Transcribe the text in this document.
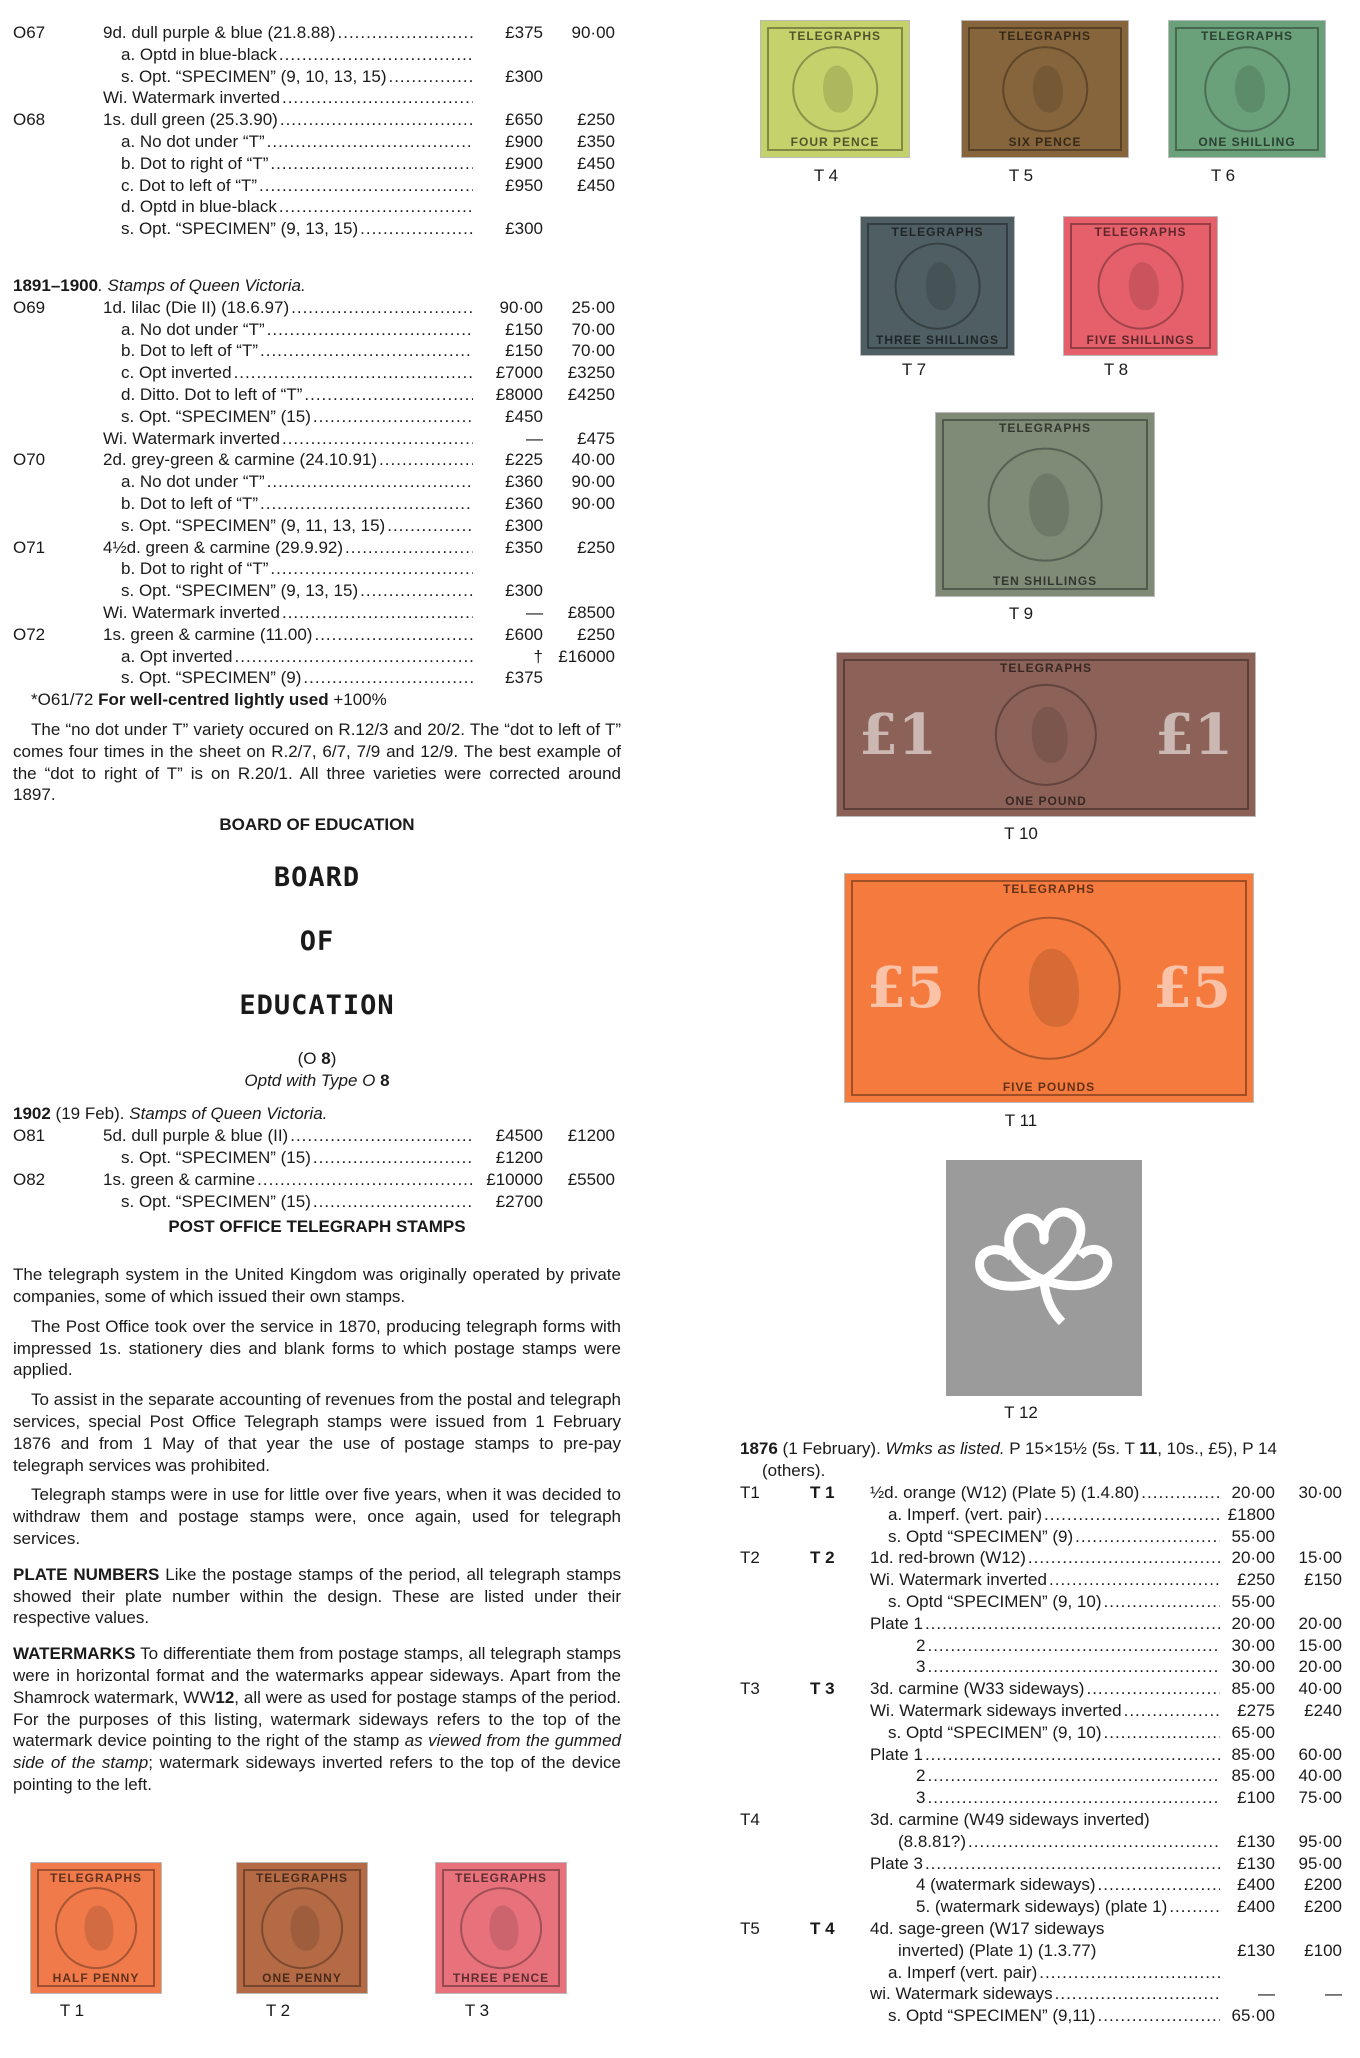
O67	9d. dull purple & blue (21.8.88) .....	£375	90·00
a. Optd in blue-black
.....
s. Opt. “SPECIMEN” (9, 10, 13, 15) .....	£300
Wi. Watermark inverted
.....
O68	1s. dull green (25.3.90) .....	£650	£250
a. No dot under “T” .....	£900	£350
b. Dot to right of “T” .....	£900	£450
c. Dot to left of “T” .....	£950	£450
d. Optd in blue-black
.....
s. Opt. “SPECIMEN” (9, 13, 15) .....	£300
1891–1900. Stamps of Queen Victoria.
O69	1d. lilac (Die II) (18.6.97) .....	90·00	25·00
a. No dot under “T” .....	£150	70·00
b. Dot to left of “T” .....	£150	70·00
c. Opt inverted .....	£7000	£3250
d. Ditto. Dot to left of “T” .....	£8000	£4250
s. Opt. “SPECIMEN” (15) .....	£450
Wi. Watermark inverted .....	—	£475
O70	2d. grey-green & carmine (24.10.91) .....	£225	40·00
a. No dot under “T” .....	£360	90·00
b. Dot to left of “T” .....	£360	90·00
s. Opt. “SPECIMEN” (9, 11, 13, 15) .....	£300
O71	4½d. green & carmine (29.9.92) .....	£350	£250
b. Dot to right of “T”
.....
s. Opt. “SPECIMEN” (9, 13, 15) .....	£300
Wi. Watermark inverted .....	—	£8500
O72	1s. green & carmine (11.00) .....	£600	£250
a. Opt inverted .....	† £16000
s. Opt. “SPECIMEN” (9) .....	£375
*O61/72 For well-centred lightly used +100%

The “no dot under T” variety occured on R.12/3 and 20/2. The “dot to left of T” comes four times in the sheet on R.2/7, 6/7, 7/9 and 12/9. The best example of the “dot to right of T” is on R.20/1. All three varieties were corrected around 1897.

BOARD OF EDUCATION
BOARD
OF
EDUCATION
(O 8)
Optd with Type O 8
1902 (19 Feb). Stamps of Queen Victoria.
O81	5d. dull purple & blue (II) .....	£4500	£1200
s. Opt. “SPECIMEN” (15) .....	£1200
O82	1s. green & carmine .....	£10000	£5500
s. Opt. “SPECIMEN” (15) .....	£2700
POST OFFICE TELEGRAPH STAMPS

The telegraph system in the United Kingdom was originally operated by private companies, some of which issued their own stamps.

The Post Office took over the service in 1870, producing telegraph forms with impressed 1s. stationery dies and blank forms to which postage stamps were applied.

To assist in the separate accounting of revenues from the postal and telegraph services, special Post Office Telegraph stamps were issued from 1 February 1876 and from 1 May of that year the use of postage stamps to pre-pay telegraph services was prohibited.

Telegraph stamps were in use for little over five years, when it was decided to withdraw them and postage stamps were, once again, used for telegraph services.

PLATE NUMBERS Like the postage stamps of the period, all telegraph stamps showed their plate number within the design. These are listed under their respective values.

WATERMARKS To differentiate them from postage stamps, all telegraph stamps were in horizontal format and the watermarks appear sideways. Apart from the Shamrock watermark, WW12, all were as used for postage stamps of the period. For the purposes of this listing, watermark sideways refers to the top of the watermark device pointing to the right of the stamp as viewed from the gummed side of the stamp; watermark sideways inverted refers to the top of the device pointing to the left.

TELEGRAPHS
HALF PENNY
T 1
TELEGRAPHS
ONE PENNY
T 2
TELEGRAPHS
THREE PENCE
T 3
TELEGRAPHS
FOUR PENCE
T 4
TELEGRAPHS
SIX PENCE
T 5
TELEGRAPHS
ONE SHILLING
T 6
TELEGRAPHS
THREE SHILLINGS
T 7
TELEGRAPHS
FIVE SHILLINGS
T 8
TELEGRAPHS
TEN SHILLINGS
T 9
TELEGRAPHS
ONE POUND
£1	£1
T 10
TELEGRAPHS
FIVE POUNDS
£5	£5
T 11
T 12
1876 (1 February). Wmks as listed. P 15×15½ (5s. T 11, 10s., £5), P 14
(others).
T1	T 1	½d. orange (W12) (Plate 5) (1.4.80) .....	20·00	30·00
a. Imperf. (vert. pair) .....	£1800
s. Optd “SPECIMEN” (9) .....	55·00
T2	T 2	1d. red-brown (W12) .....	20·00	15·00
Wi. Watermark inverted .....	£250	£150
s. Optd “SPECIMEN” (9, 10) .....	55·00
Plate 1 .....	20·00	20·00
2 .....	30·00	15·00
3 .....	30·00	20·00
T3	T 3	3d. carmine (W33 sideways) .....	85·00	40·00
Wi. Watermark sideways inverted .....	£275	£240
s. Optd “SPECIMEN” (9, 10) .....	65·00
Plate 1 .....	85·00	60·00
2 .....	85·00	40·00
3 .....	£100	75·00
T4	3d. carmine (W49 sideways inverted)
(8.8.81?) .....	£130	95·00
Plate 3 .....	£130	95·00
4 (watermark sideways) .....	£400	£200
5. (watermark sideways) (plate 1) .....	£400	£200
T5	T 4	4d. sage-green (W17 sideways
inverted) (Plate 1) (1.3.77)	£130	£100
a. Imperf (vert. pair)
.....
wi. Watermark sideways .....	—	—
s. Optd “SPECIMEN” (9,11) .....	65·00
